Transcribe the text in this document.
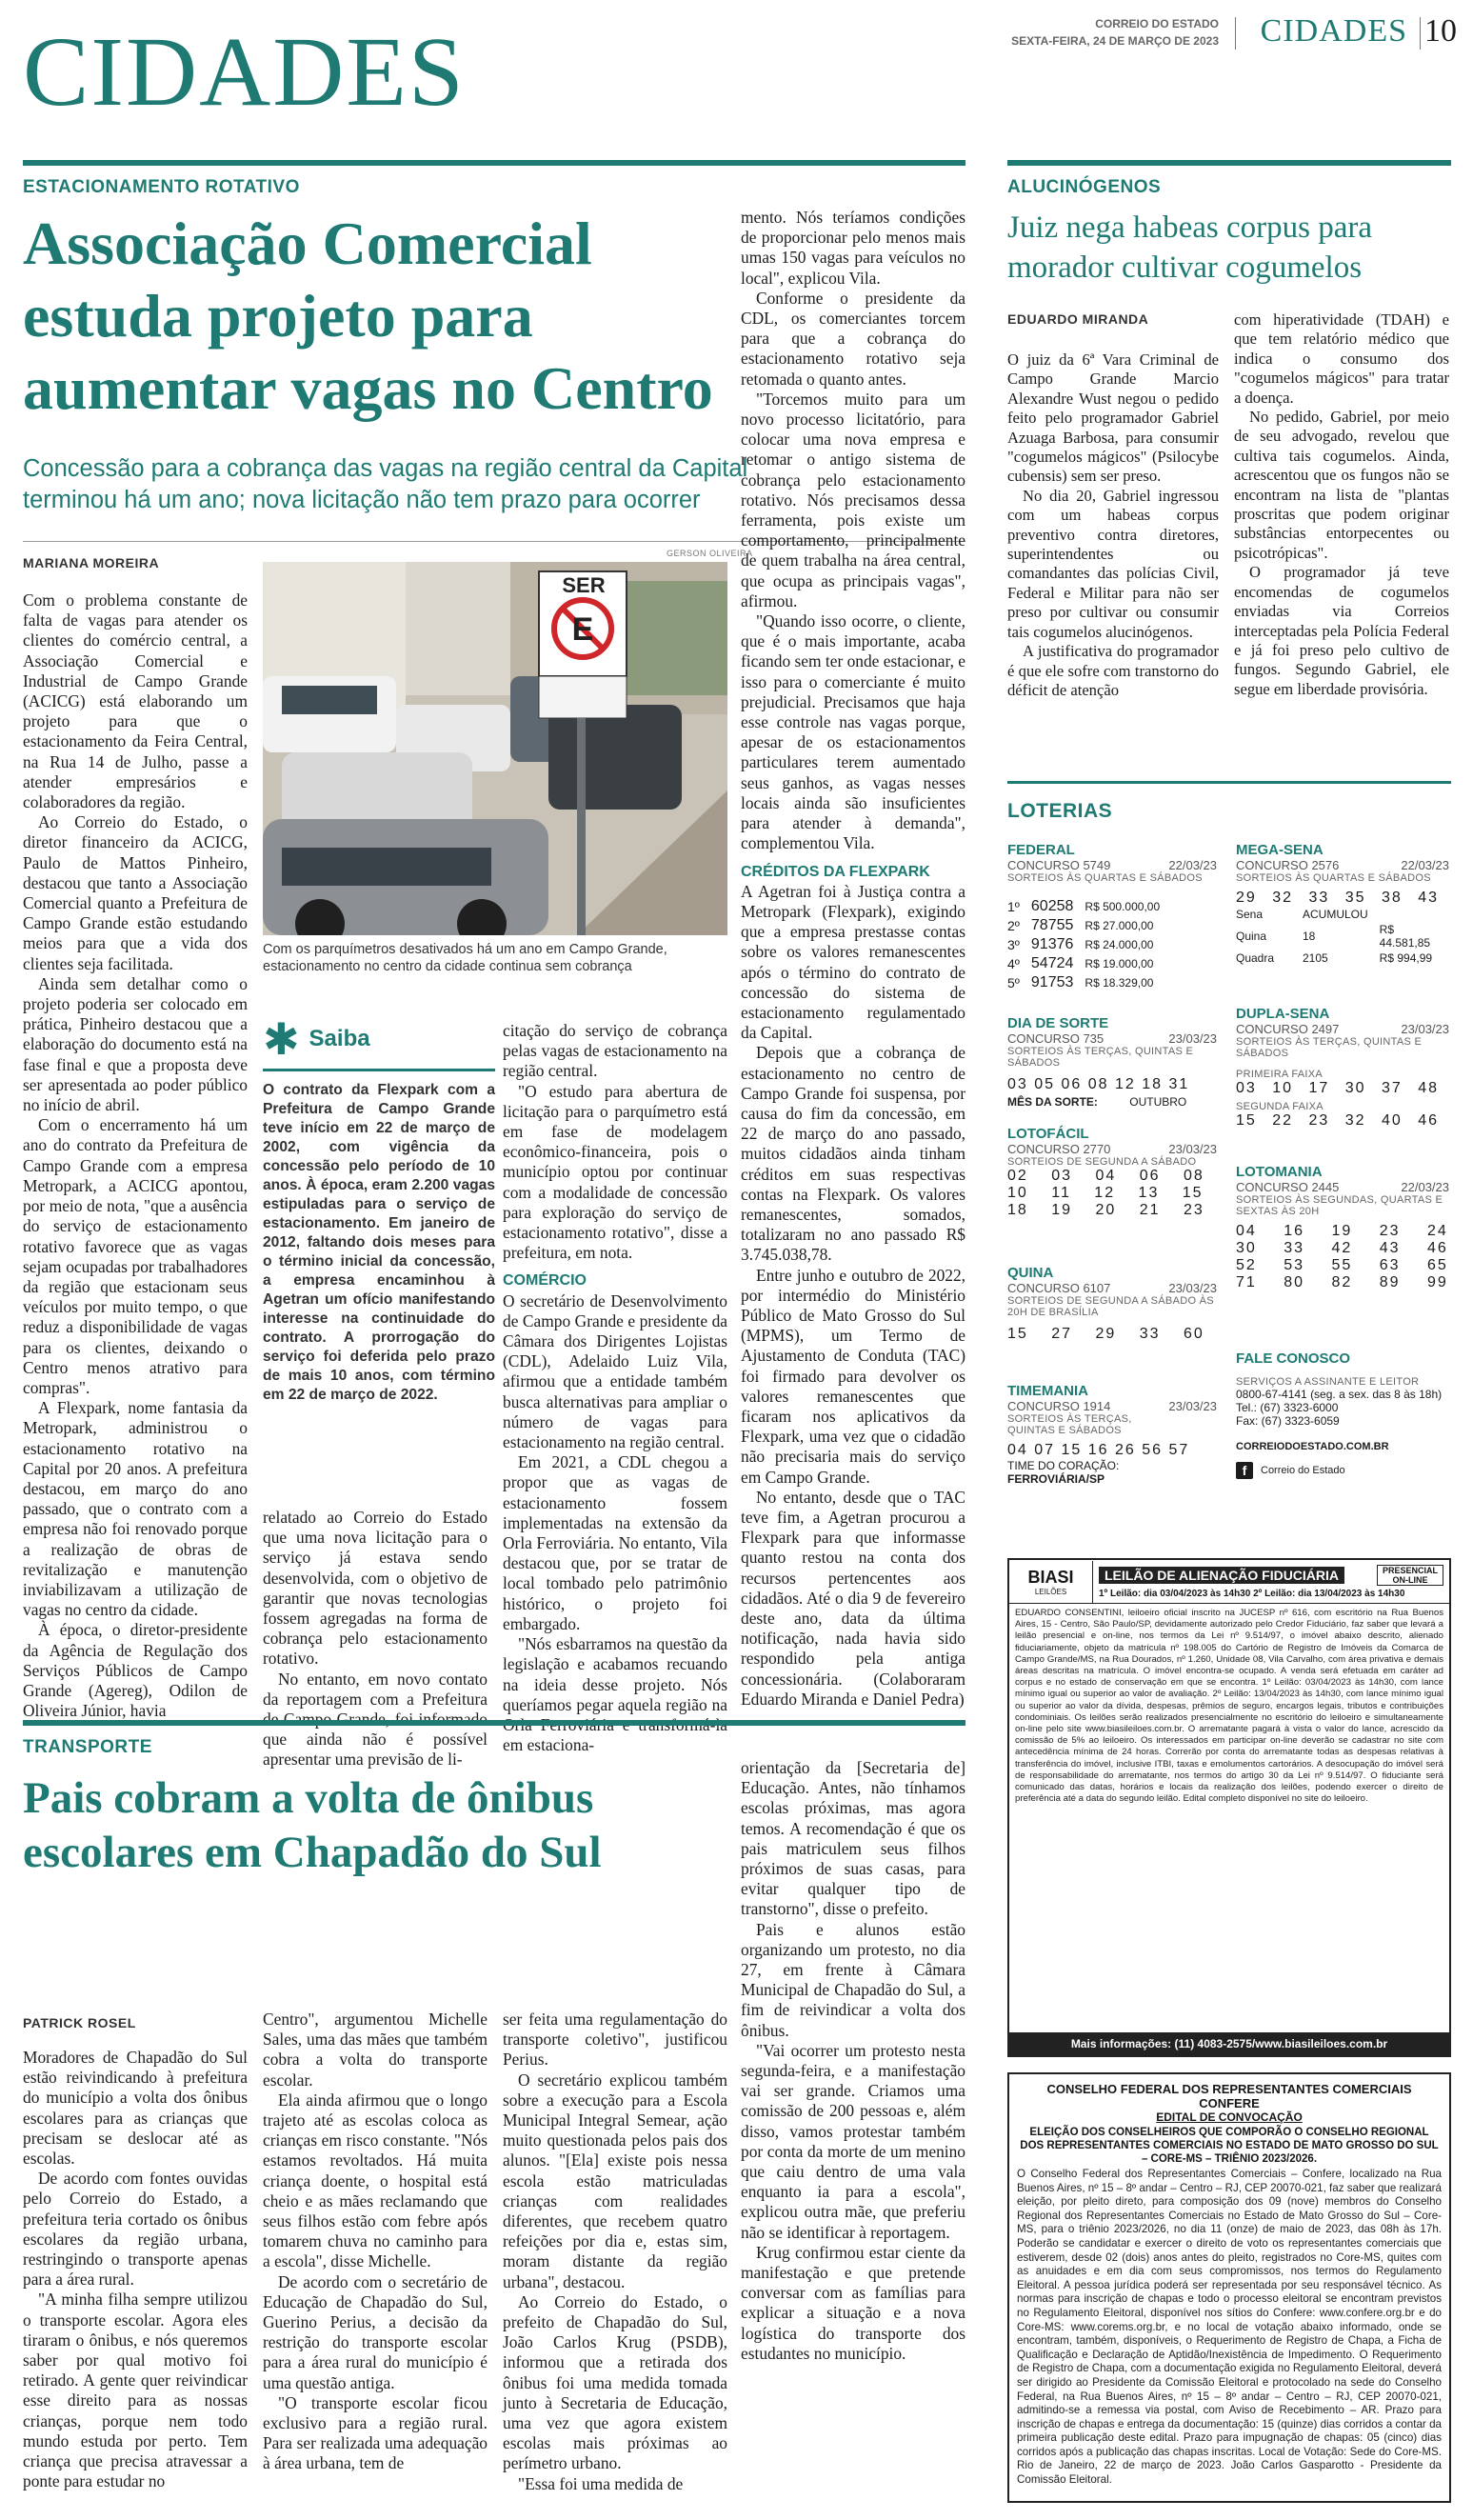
CIDADES	CORREIO DO ESTADO
SEXTA-FEIRA, 24 DE MARÇO DE 2023 CIDADES 10
ESTACIONAMENTO ROTATIVO
Associação Comercial
estuda projeto para
aumentar vagas no Centro
Concessão para a cobrança das vagas na região central da Capital
terminou há um ano; nova licitação não tem prazo para ocorrer
MARIANA MOREIRA
GERSON OLIVEIRA
E
SER
Com os parquímetros desativados há um ano em Campo Grande, estacionamento no centro da cidade continua sem cobrança

Com o problema constante de falta de vagas para atender os clientes do comércio central, a Associação Comercial e Industrial de Campo Grande (ACICG) está elaborando um projeto para que o estacionamento da Feira Central, na Rua 14 de Julho, passe a atender empresários e colaboradores da região.

Ao Correio do Estado, o diretor financeiro da ACICG, Paulo de Mattos Pinheiro, destacou que tanto a Associação Comercial quanto a Prefeitura de Campo Grande estão estudando meios para que a vida dos clientes seja facilitada.

Ainda sem detalhar como o projeto poderia ser colocado em prática, Pinheiro destacou que a elaboração do documento está na fase final e que a proposta deve ser apresentada ao poder público no início de abril.

Com o encerramento há um ano do contrato da Prefeitura de Campo Grande com a empresa Metropark, a ACICG apontou, por meio de nota, "que a ausência do serviço de estacionamento rotativo favorece que as vagas sejam ocupadas por trabalhadores da região que estacionam seus veículos por muito tempo, o que reduz a disponibilidade de vagas para os clientes, deixando o Centro menos atrativo para compras".

A Flexpark, nome fantasia da Metropark, administrou o estacionamento rotativo na Capital por 20 anos. A prefeitura destacou, em março do ano passado, que o contrato com a empresa não foi renovado porque a realização de obras de revitalização e manutenção inviabilizavam a utilização de vagas no centro da cidade.

À época, o diretor-presidente da Agência de Regulação dos Serviços Públicos de Campo Grande (Agereg), Odilon de Oliveira Júnior, havia

✱ Saiba
O contrato da Flexpark com a Prefeitura de Campo Grande teve início em 22 de março de 2002, com vigência da concessão pelo período de 10 anos. À época, eram 2.200 vagas estipuladas para o serviço de estacionamento. Em janeiro de 2012, faltando dois meses para o término inicial da concessão, a empresa encaminhou à Agetran um ofício manifestando interesse na continuidade do contrato. A prorrogação do serviço foi deferida pelo prazo de mais 10 anos, com término em 22 de março de 2022.

relatado ao Correio do Estado que uma nova licitação para o serviço já estava sendo desenvolvida, com o objetivo de garantir que novas tecnologias fossem agregadas na forma de cobrança pelo estacionamento rotativo.

No entanto, em novo contato da reportagem com a Prefeitura que ainda não é possível apresentar uma previsão de li-

citação do serviço de cobrança pelas vagas de estacionamento na região central.

"O estudo para abertura de licitação para o parquímetro está em fase de modelagem econômico-financeira, pois o município optou por continuar com a modalidade de concessão para exploração do serviço de estacionamento rotativo", disse a prefeitura, em nota.

COMÉRCIO

O secretário de Desenvolvimento de Campo Grande e presidente da Câmara dos Dirigentes Lojistas (CDL), Adelaido Luiz Vila, afirmou que a entidade também busca alternativas para ampliar o número de vagas para estacionamento na região central.

Em 2021, a CDL chegou a propor que as vagas de estacionamento fossem implementadas na extensão da Orla Ferroviária. No entanto, Vila destacou que, por se tratar de local tombado pelo patrimônio histórico, o projeto foi embargado.

"Nós esbarramos na questão da legislação e acabamos recuando na ideia desse projeto. Nós queríamos pegar aquela região na em estaciona-

mento. Nós teríamos condições de proporcionar pelo menos mais umas 150 vagas para veículos no local", explicou Vila.

Conforme o presidente da CDL, os comerciantes torcem para que a cobrança do estacionamento rotativo seja retomada o quanto antes.

"Torcemos muito para um novo processo licitatório, para colocar uma nova empresa e retomar o antigo sistema de cobrança pelo estacionamento rotativo. Nós precisamos dessa ferramenta, pois existe um comportamento, principalmente de quem trabalha na área central, que ocupa as principais vagas", afirmou.

"Quando isso ocorre, o cliente, que é o mais importante, acaba ficando sem ter onde estacionar, e isso para o comerciante é muito prejudicial. Precisamos que haja esse controle nas vagas porque, apesar de os estacionamentos particulares terem aumentado seus ganhos, as vagas nesses locais ainda são insuficientes para atender à demanda", complementou Vila.

CRÉDITOS DA FLEXPARK

A Agetran foi à Justiça contra a Metropark (Flexpark), exigindo que a empresa prestasse contas sobre os valores remanescentes após o término do contrato de concessão do sistema de estacionamento regulamentado da Capital.

Depois que a cobrança de estacionamento no centro de Campo Grande foi suspensa, por causa do fim da concessão, em 22 de março do ano passado, muitos cidadãos ainda tinham créditos em suas respectivas contas na Flexpark. Os valores remanescentes, somados, totalizaram no ano passado R$ 3.745.038,78.

Entre junho e outubro de 2022, por intermédio do Ministério Público de Mato Grosso do Sul (MPMS), um Termo de Ajustamento de Conduta (TAC) foi firmado para devolver os valores remanescentes que ficaram nos aplicativos da Flexpark, uma vez que o cidadão não precisaria mais do serviço em Campo Grande.

No entanto, desde que o TAC teve fim, a Agetran procurou a Flexpark para que informasse quanto restou na conta dos recursos pertencentes aos cidadãos. Até o dia 9 de fevereiro deste ano, data da última notificação, nada havia sido respondido pela antiga concessionária. (Colaboraram Eduardo Miranda e Daniel Pedra)

ALUCINÓGENOS
Juiz nega habeas corpus para
morador cultivar cogumelos
EDUARDO MIRANDA

O juiz da 6ª Vara Criminal de Campo Grande Marcio Alexandre Wust negou o pedido feito pelo programador Gabriel Azuaga Barbosa, para consumir "cogumelos mágicos" (Psilocybe cubensis) sem ser preso.

No dia 20, Gabriel ingressou com um habeas corpus preventivo contra diretores, superintendentes ou comandantes das polícias Civil, Federal e Militar para não ser preso por cultivar ou consumir tais cogumelos alucinógenos.

A justificativa do programador é que ele sofre com transtorno do déficit de atenção

com hiperatividade (TDAH) e que tem relatório médico que indica o consumo dos "cogumelos mágicos" para tratar a doença.

No pedido, Gabriel, por meio de seu advogado, revelou que cultiva tais cogumelos. Ainda, acrescentou que os fungos não se encontram na lista de "plantas proscritas que podem originar substâncias entorpecentes ou psicotrópicas".

O programador já teve encomendas de cogumelos enviadas via Correios interceptadas pela Polícia Federal e já foi preso pelo cultivo de fungos. Segundo Gabriel, ele segue em liberdade provisória.

LOTERIAS
FEDERAL
CONCURSO 5749	22/03/23
SORTEIOS ÀS QUARTAS E SÁBADOS
1º	60258	R$ 500.000,00
2º	78755	R$ 27.000,00
3º	91376	R$ 24.000,00
4º	54724	R$ 19.000,00
5º	91753	R$ 18.329,00
DIA DE SORTE
CONCURSO 735	23/03/23
SORTEIOS ÀS TERÇAS, QUINTAS E SÁBADOS
03 05 06 08 12 18 31
MÊS DA SORTE:	OUTUBRO
LOTOFÁCIL
CONCURSO 2770	23/03/23
SORTEIOS DE SEGUNDA A SÁBADO
02 03 04 06 08
10 11 12 13 15
18 19 20 21 23
QUINA
CONCURSO 6107	23/03/23
SORTEIOS DE SEGUNDA A SÁBADO ÀS 20H DE BRASÍLIA
15 27 29 33 60
TIMEMANIA
CONCURSO 1914	23/03/23
SORTEIOS ÀS TERÇAS, QUINTAS E SÁBADOS
04 07 15 16 26 56 57
TIME DO CORAÇÃO: FERROVIÁRIA/SP
MEGA-SENA
CONCURSO 2576	22/03/23
SORTEIOS ÀS QUARTAS E SÁBADOS
29 32 33 35 38 43
Sena	ACUMULOU	
Quina	18	R$ 44.581,85
Quadra	2105	R$ 994,99
DUPLA-SENA
CONCURSO 2497	23/03/23
SORTEIOS ÀS TERÇAS, QUINTAS E SÁBADOS
PRIMEIRA FAIXA
03 10 17 30 37 48
SEGUNDA FAIXA
15 22 23 32 40 46
LOTOMANIA
CONCURSO 2445	22/03/23
SORTEIOS ÀS SEGUNDAS, QUARTAS E SEXTAS ÀS 20H
04 16 19 23 24
30 33 42 43 46
52 53 55 63 65
71 80 82 89 99
FALE CONOSCO
SERVIÇOS A ASSINANTE E LEITOR
0800-67-4141 (seg. a sex. das 8 às 18h)
Tel.: (67) 3323-6000
Fax: (67) 3323-6059
CORREIODOESTADO.COM.BR
f	Correio do Estado
BIASI
LEILÕES
LEILÃO DE ALIENAÇÃO FIDUCIÁRIA	PRESENCIAL ON-LINE
1º Leilão: dia 03/04/2023 às 14h30 2º Leilão: dia 13/04/2023 às 14h30
EDUARDO CONSENTINI, leiloeiro oficial inscrito na JUCESP nº 616, com escritório na Rua Buenos Aires, 15 - Centro, São Paulo/SP, devidamente autorizado pelo Credor Fiduciário, faz saber que levará a leilão presencial e on-line, nos termos da Lei nº 9.514/97, o imóvel abaixo descrito, alienado fiduciariamente, objeto da matrícula nº 198.005 do Cartório de Registro de Imóveis da Comarca de Campo Grande/MS, na Rua Dourados, nº 1.260, Unidade 08, Vila Carvalho, com área privativa e demais áreas descritas na matrícula. O imóvel encontra-se ocupado. A venda será efetuada em caráter ad corpus e no estado de conservação em que se encontra. 1º Leilão: 03/04/2023 às 14h30, com lance mínimo igual ou superior ao valor de avaliação. 2º Leilão: 13/04/2023 às 14h30, com lance mínimo igual ou superior ao valor da dívida, despesas, prêmios de seguro, encargos legais, tributos e contribuições condominiais. Os leilões serão realizados presencialmente no escritório do leiloeiro e simultaneamente on-line pelo site www.biasileiloes.com.br. O arrematante pagará à vista o valor do lance, acrescido da comissão de 5% ao leiloeiro. Os interessados em participar on-line deverão se cadastrar no site com antecedência mínima de 24 horas. Correrão por conta do arrematante todas as despesas relativas à transferência do imóvel, inclusive ITBI, taxas e emolumentos cartorários. A desocupação do imóvel será de responsabilidade do arrematante, nos termos do artigo 30 da Lei nº 9.514/97. O fiduciante será comunicado das datas, horários e locais da realização dos leilões, podendo exercer o direito de preferência até a data do segundo leilão. Edital completo disponível no site do leiloeiro.
Mais informações: (11) 4083-2575/www.biasileiloes.com.br
CONSELHO FEDERAL DOS REPRESENTANTES COMERCIAIS
CONFERE
EDITAL DE CONVOCAÇÃO
ELEIÇÃO DOS CONSELHEIROS QUE COMPORÃO O CONSELHO REGIONAL DOS REPRESENTANTES COMERCIAIS NO ESTADO DE MATO GROSSO DO SUL – CORE-MS – TRIÊNIO 2023/2026.
O Conselho Federal dos Representantes Comerciais – Confere, localizado na Rua Buenos Aires, nº 15 – 8º andar – Centro – RJ, CEP 20070-021, faz saber que realizará eleição, por pleito direto, para composição dos 09 (nove) membros do Conselho Regional dos Representantes Comerciais no Estado de Mato Grosso do Sul – Core-MS, para o triênio 2023/2026, no dia 11 (onze) de maio de 2023, das 08h às 17h. Poderão se candidatar e exercer o direito de voto os representantes comerciais que estiverem, desde 02 (dois) anos antes do pleito, registrados no Core-MS, quites com as anuidades e em dia com seus compromissos, nos termos do Regulamento Eleitoral. A pessoa jurídica poderá ser representada por seu responsável técnico. As normas para inscrição de chapas e todo o processo eleitoral se encontram previstos no Regulamento Eleitoral, disponível nos sítios do Confere: www.confere.org.br e do Core-MS: www.corems.org.br, e no local de votação abaixo informado, onde se encontram, também, disponíveis, o Requerimento de Registro de Chapa, a Ficha de Qualificação e Declaração de Aptidão/Inexistência de Impedimento. O Requerimento de Registro de Chapa, com a documentação exigida no Regulamento Eleitoral, deverá ser dirigido ao Presidente da Comissão Eleitoral e protocolado na sede do Conselho Federal, na Rua Buenos Aires, nº 15 – 8º andar – Centro – RJ, CEP 20070-021, admitindo-se a remessa via postal, com Aviso de Recebimento – AR. Prazo para inscrição de chapas e entrega da documentação: 15 (quinze) dias corridos a contar da primeira publicação deste edital. Prazo para impugnação de chapas: 05 (cinco) dias corridos após a publicação das chapas inscritas. Local de Votação: Sede do Core-MS. Rio de Janeiro, 22 de março de 2023. João Carlos Gasparotto - Presidente da Comissão Eleitoral.
TRANSPORTE
Pais cobram a volta de ônibus
escolares em Chapadão do Sul
PATRICK ROSEL

Moradores de Chapadão do Sul estão reivindicando à prefeitura do município a volta dos ônibus escolares para as crianças que precisam se deslocar até as escolas.

De acordo com fontes ouvidas pelo Correio do Estado, a prefeitura teria cortado os ônibus escolares da região urbana, restringindo o transporte apenas para a área rural.

"A minha filha sempre utilizou o transporte escolar. Agora eles tiraram o ônibus, e nós queremos saber por qual motivo foi retirado. A gente quer reivindicar esse direito para as nossas crianças, porque nem todo mundo estuda por perto. Tem criança que precisa atravessar a ponte para estudar no

Centro", argumentou Michelle Sales, uma das mães que também cobra a volta do transporte escolar.

Ela ainda afirmou que o longo trajeto até as escolas coloca as crianças em risco constante. "Nós estamos revoltados. Há muita criança doente, o hospital está cheio e as mães reclamando que seus filhos estão com febre após tomarem chuva no caminho para a escola", disse Michelle.

De acordo com o secretário de Educação de Chapadão do Sul, Guerino Perius, a decisão da restrição do transporte escolar para a área rural do município é uma questão antiga.

"O transporte escolar ficou exclusivo para a região rural. Para ser realizada uma adequação à área urbana, tem de

ser feita uma regulamentação do transporte coletivo", justificou Perius.

O secretário explicou também sobre a execução para a Escola Municipal Integral Semear, ação muito questionada pelos pais dos alunos. "[Ela] existe pois nessa escola estão matriculadas crianças com realidades diferentes, que recebem quatro refeições por dia e, estas sim, moram distante da região urbana", destacou.

Ao Correio do Estado, o prefeito de Chapadão do Sul, João Carlos Krug (PSDB), informou que a retirada dos ônibus foi uma medida tomada junto à Secretaria de Educação, uma vez que agora existem escolas mais próximas ao perímetro urbano.

"Essa foi uma medida de

orientação da [Secretaria de] Educação. Antes, não tínhamos escolas próximas, mas agora temos. A recomendação é que os pais matriculem seus filhos próximos de suas casas, para evitar qualquer tipo de transtorno", disse o prefeito.

Pais e alunos estão organizando um protesto, no dia 27, em frente à Câmara Municipal de Chapadão do Sul, a fim de reivindicar a volta dos ônibus.

"Vai ocorrer um protesto nesta segunda-feira, e a manifestação vai ser grande. Criamos uma comissão de 200 pessoas e, além disso, vamos protestar também por conta da morte de um menino que caiu dentro de uma vala enquanto ia para a escola", explicou outra mãe, que preferiu não se identificar à reportagem.

Krug confirmou estar ciente da manifestação e que pretende conversar com as famílias para explicar a situação e a nova logística do transporte dos estudantes no município.
